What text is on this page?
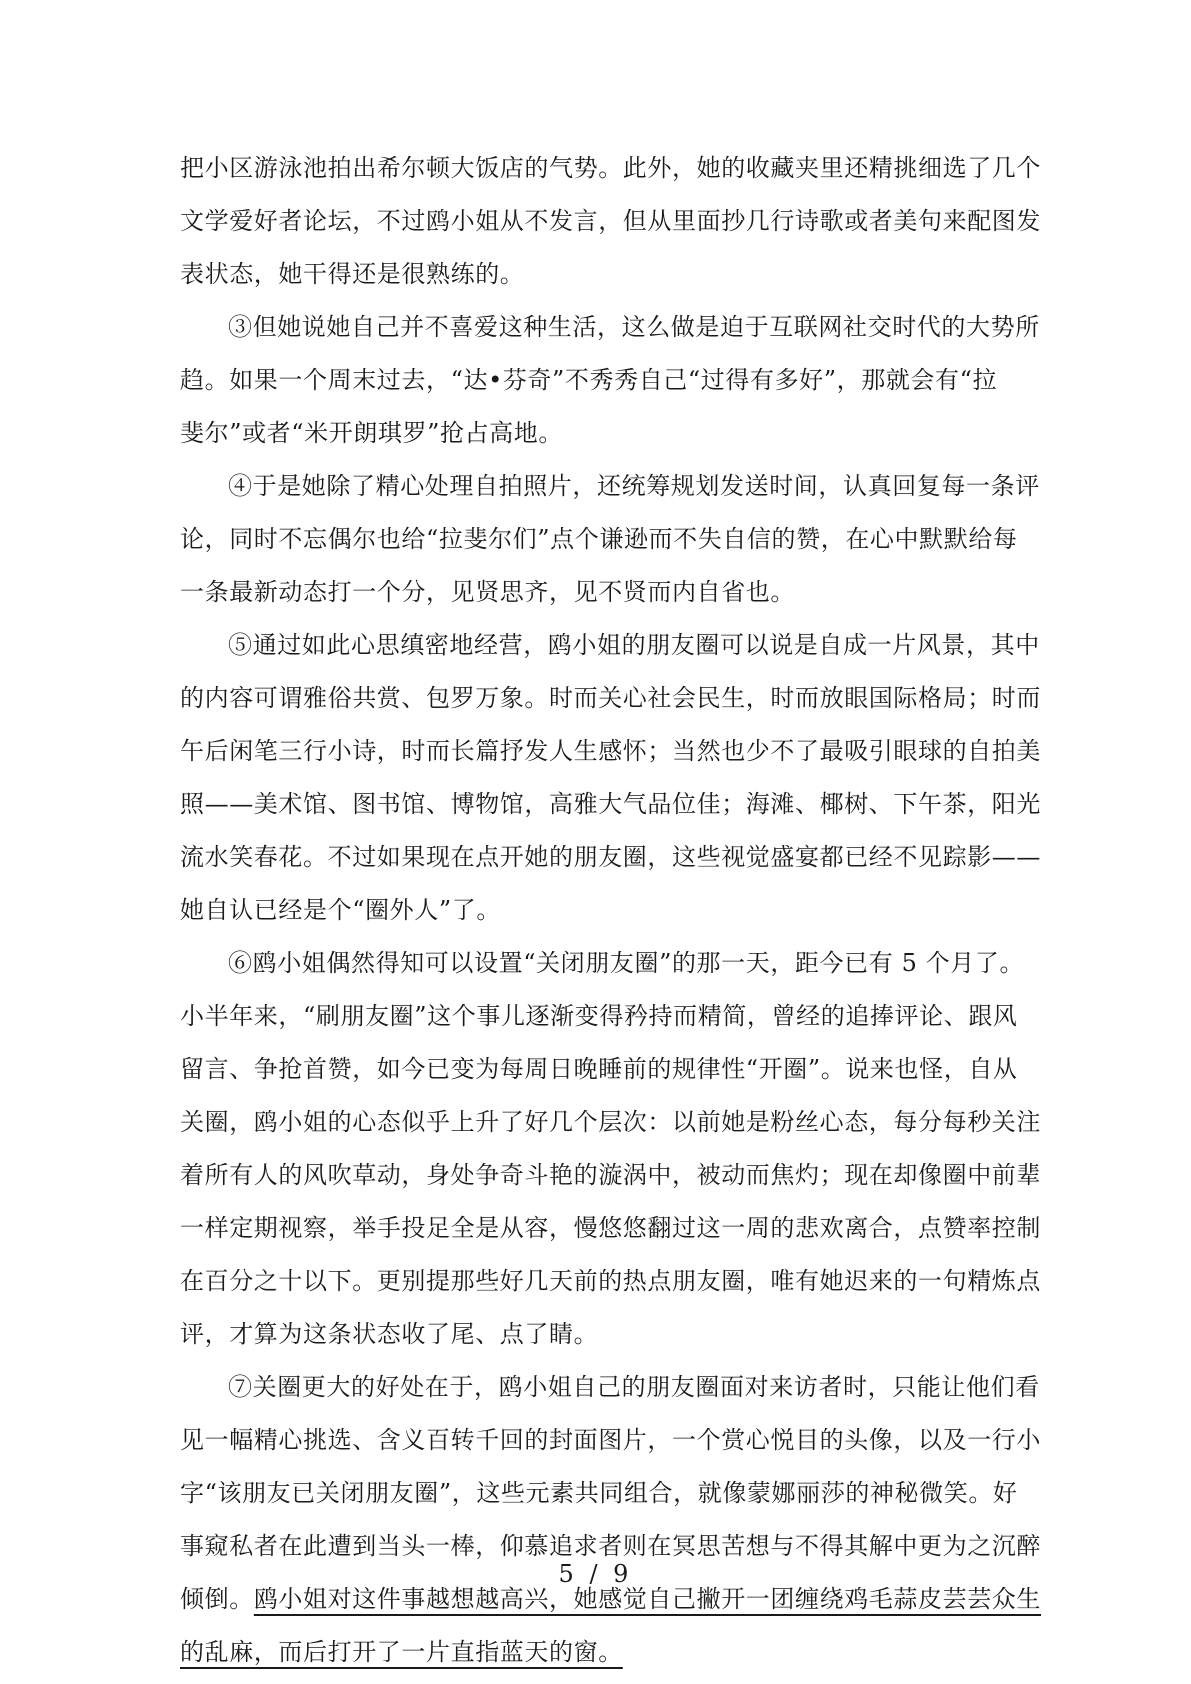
把小区游泳池拍出希尔顿大饭店的气势。此外，她的收藏夹里还精挑细选了几个
文学爱好者论坛，不过鸥小姐从不发言，但从里面抄几行诗歌或者美句来配图发
表状态，她干得还是很熟练的。
③但她说她自己并不喜爱这种生活，这么做是迫于互联网社交时代的大势所
趋。如果一个周末过去，“达•芬奇”不秀秀自己“过得有多好”，那就会有“拉
斐尔”或者“米开朗琪罗”抢占高地。
④于是她除了精心处理自拍照片，还统筹规划发送时间，认真回复每一条评
论，同时不忘偶尔也给“拉斐尔们”点个谦逊而不失自信的赞，在心中默默给每
一条最新动态打一个分，见贤思齐，见不贤而内自省也。
⑤通过如此心思缜密地经营，鸥小姐的朋友圈可以说是自成一片风景，其中
的内容可谓雅俗共赏、包罗万象。时而关心社会民生，时而放眼国际格局；时而
午后闲笔三行小诗，时而长篇抒发人生感怀；当然也少不了最吸引眼球的自拍美
照——美术馆、图书馆、博物馆，高雅大气品位佳；海滩、椰树、下午茶，阳光
流水笑春花。不过如果现在点开她的朋友圈，这些视觉盛宴都已经不见踪影——
她自认已经是个“圈外人”了。
⑥鸥小姐偶然得知可以设置“关闭朋友圈”的那一天，距今已有 5 个月了。
小半年来，“刷朋友圈”这个事儿逐渐变得矜持而精简，曾经的追捧评论、跟风
留言、争抢首赞，如今已变为每周日晚睡前的规律性“开圈”。说来也怪，自从
关圈，鸥小姐的心态似乎上升了好几个层次：以前她是粉丝心态，每分每秒关注
着所有人的风吹草动，身处争奇斗艳的漩涡中，被动而焦灼；现在却像圈中前辈
一样定期视察，举手投足全是从容，慢悠悠翻过这一周的悲欢离合，点赞率控制
在百分之十以下。更别提那些好几天前的热点朋友圈，唯有她迟来的一句精炼点
评，才算为这条状态收了尾、点了睛。
⑦关圈更大的好处在于，鸥小姐自己的朋友圈面对来访者时，只能让他们看
见一幅精心挑选、含义百转千回的封面图片，一个赏心悦目的头像，以及一行小
字“该朋友已关闭朋友圈”，这些元素共同组合，就像蒙娜丽莎的神秘微笑。好
事窥私者在此遭到当头一棒，仰慕追求者则在冥思苦想与不得其解中更为之沉醉
倾倒。鸥小姐对这件事越想越高兴，她感觉自己撇开一团缠绕鸡毛蒜皮芸芸众生
的乱麻，而后打开了一片直指蓝天的窗。
5 / 9
